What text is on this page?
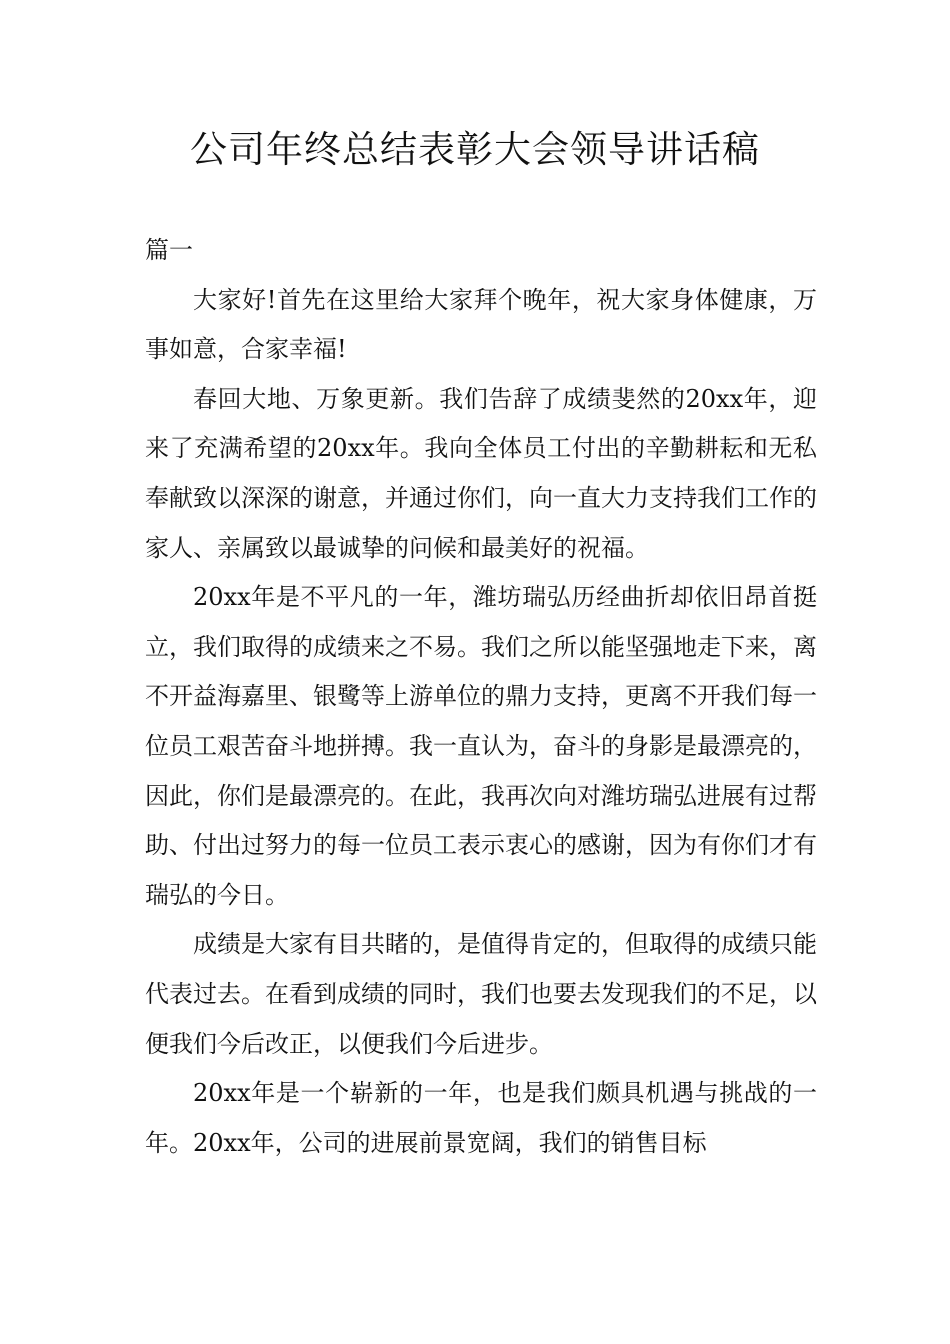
公司年终总结表彰大会领导讲话稿

篇一

大家好!首先在这里给大家拜个晚年，祝大家身体健康，万事如意，合家幸福!

春回大地、万象更新。我们告辞了成绩斐然的20xx年，迎来了充满希望的20xx年。我向全体员工付出的辛勤耕耘和无私奉献致以深深的谢意，并通过你们，向一直大力支持我们工作的家人、亲属致以最诚挚的问候和最美好的祝福。

20xx年是不平凡的一年，潍坊瑞弘历经曲折却依旧昂首挺立，我们取得的成绩来之不易。我们之所以能坚强地走下来，离不开益海嘉里、银鹭等上游单位的鼎力支持，更离不开我们每一位员工艰苦奋斗地拼搏。我一直认为，奋斗的身影是最漂亮的，因此，你们是最漂亮的。在此，我再次向对潍坊瑞弘进展有过帮助、付出过努力的每一位员工表示衷心的感谢，因为有你们才有瑞弘的今日。

成绩是大家有目共睹的，是值得肯定的，但取得的成绩只能代表过去。在看到成绩的同时，我们也要去发现我们的不足，以便我们今后改正，以便我们今后进步。

20xx年是一个崭新的一年，也是我们颇具机遇与挑战的一年。20xx年，公司的进展前景宽阔，我们的销售目标
